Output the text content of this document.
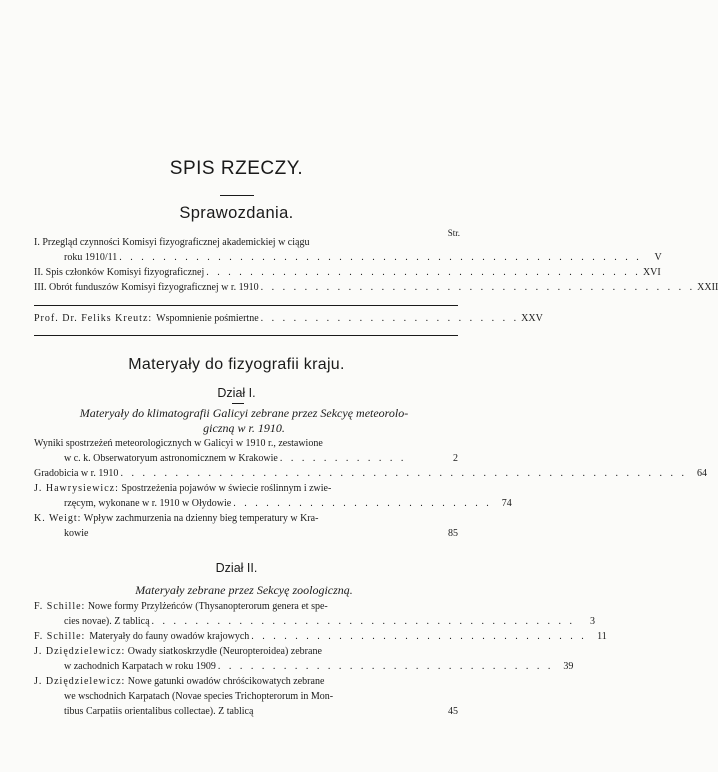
SPIS RZECZY.
Sprawozdania.
Str.
I. Przegląd czynności Komisyi fizyograficznej akademickiej w ciągu
roku 1910/11 . . . . . . . . . . . . . . . . . . . . . . . . . . . . . . . . . . . . . . . . . . . . . . . .	V
II. Spis członków Komisyi fizyograficznej . . . . . . . . . . . . . . . . . . . . . . . . . . . . . . . . . . . . . . . . XVI
III. Obrót funduszów Komisyi fizyograficznej w r. 1910 . . . . . . . . . . . . . . . . . . . . . . . . . . . . . . . . . . . . . . . . XXII
Prof. Dr. Feliks Kreutz: Wspomnienie pośmiertne . . . . . . . . . . . . . . . . . . . . . . . . XXV
Materyały do fizyografii kraju.
Dział I.
Materyały do klimatografii Galicyi zebrane przez Sekcyę meteorolo-
giczną w r. 1910.
Wyniki spostrzeżeń meteorologicznych w Galicyi w 1910 r., zestawione
w c. k. Obserwatoryum astronomicznem w Krakowie . . . . . . . . . . . .	2
Gradobicia w r. 1910 . . . . . . . . . . . . . . . . . . . . . . . . . . . . . . . . . . . . . . . . . . . . . . . . . . . .	64
J. Hawrysiewicz: Spostrzeżenia pojawów w świecie roślinnym i zwie-
rzęcym, wykonane w r. 1910 w Ołydowie . . . . . . . . . . . . . . . . . . . . . . . .	74
K. Weigt: Wpływ zachmurzenia na dzienny bieg temperatury w Kra-
kowie	85
Dział II.
Materyały zebrane przez Sekcyę zoologiczną.
F. Schille: Nowe formy Przylżeńców (Thysanopterorum genera et spe-
cies novae). Z tablicą . . . . . . . . . . . . . . . . . . . . . . . . . . . . . . . . . . . . . . .	3
F. Schille: Materyały do fauny owadów krajowych . . . . . . . . . . . . . . . . . . . . . . . . . . . . . . .	11
J. Dziędzielewicz: Owady siatkoskrzydłe (Neuropteroidea) zebrane
w zachodnich Karpatach w roku 1909 . . . . . . . . . . . . . . . . . . . . . . . . . . . . . . .	39
J. Dziędzielewicz: Nowe gatunki owadów chróścikowatych zebrane
we wschodnich Karpatach (Novae species Trichopterorum in Mon-
tibus Carpatiis orientalibus collectae). Z tablicą	45
